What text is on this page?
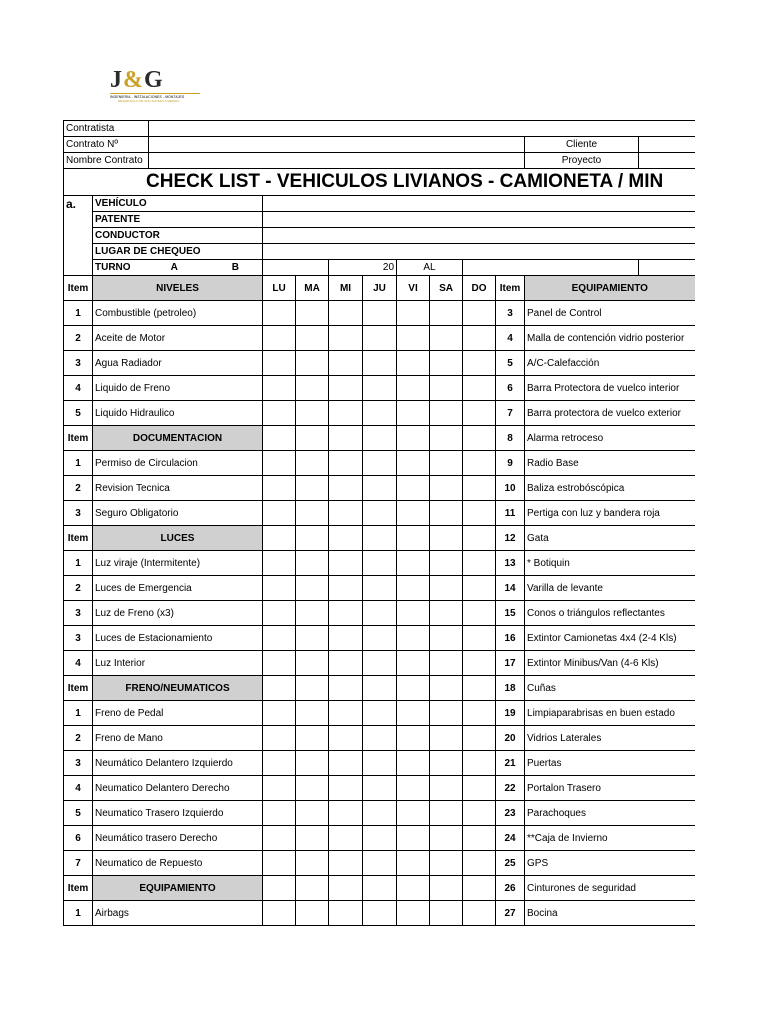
J&G
INGENIERIA - INSTALACIONES - MONTAJES
DESARROLLO DE SOLUCIONES A MEDIDA
Contratista												
Contrato Nº											Cliente	
Nombre Contrato											Proyecto	
CHECK LIST - VEHICULOS LIVIANOS - CAMIONETA / MIN												
a.	VEHÍCULO											
	PATENTE											
	CONDUCTOR											
	LUGAR DE CHEQUEO											
	TURNO A B				20		AL					
Item	NIVELES		LU	MA	MI	JU	VI	SA	DO	Item	EQUIPAMIENTO	
1	Combustible (petroleo)									3	Panel de Control	
2	Aceite de Motor									4	Malla de contención vidrio posterior	
3	Agua Radiador									5	A/C-Calefacción	
4	Liquido de Freno									6	Barra Protectora de vuelco interior	
5	Liquido Hidraulico									7	Barra protectora de vuelco exterior	
Item	DOCUMENTACION									8	Alarma retroceso	
1	Permiso de Circulacion									9	Radio Base	
2	Revision Tecnica									10	Baliza estrobóscópica	
3	Seguro Obligatorio									11	Pertiga con luz y bandera roja	
Item	LUCES									12	Gata	
1	Luz viraje (Intermitente)									13	* Botiquin	
2	Luces de Emergencia									14	Varilla de levante	
3	Luz de Freno (x3)									15	Conos o triángulos reflectantes	
3	Luces de Estacionamiento									16	Extintor Camionetas 4x4 (2-4 Kls)	
4	Luz Interior									17	Extintor Minibus/Van (4-6 Kls)	
Item	FRENO/NEUMATICOS									18	Cuñas	
1	Freno de Pedal									19	Limpiaparabrisas en buen estado	
2	Freno de Mano									20	Vidrios Laterales	
3	Neumático Delantero Izquierdo									21	Puertas	
4	Neumatico Delantero Derecho									22	Portalon Trasero	
5	Neumatico Trasero Izquierdo									23	Parachoques	
6	Neumático trasero Derecho									24	**Caja de Invierno	
7	Neumatico de Repuesto									25	GPS	
Item	EQUIPAMIENTO									26	Cinturones de seguridad	
1	Airbags									27	Bocina	
